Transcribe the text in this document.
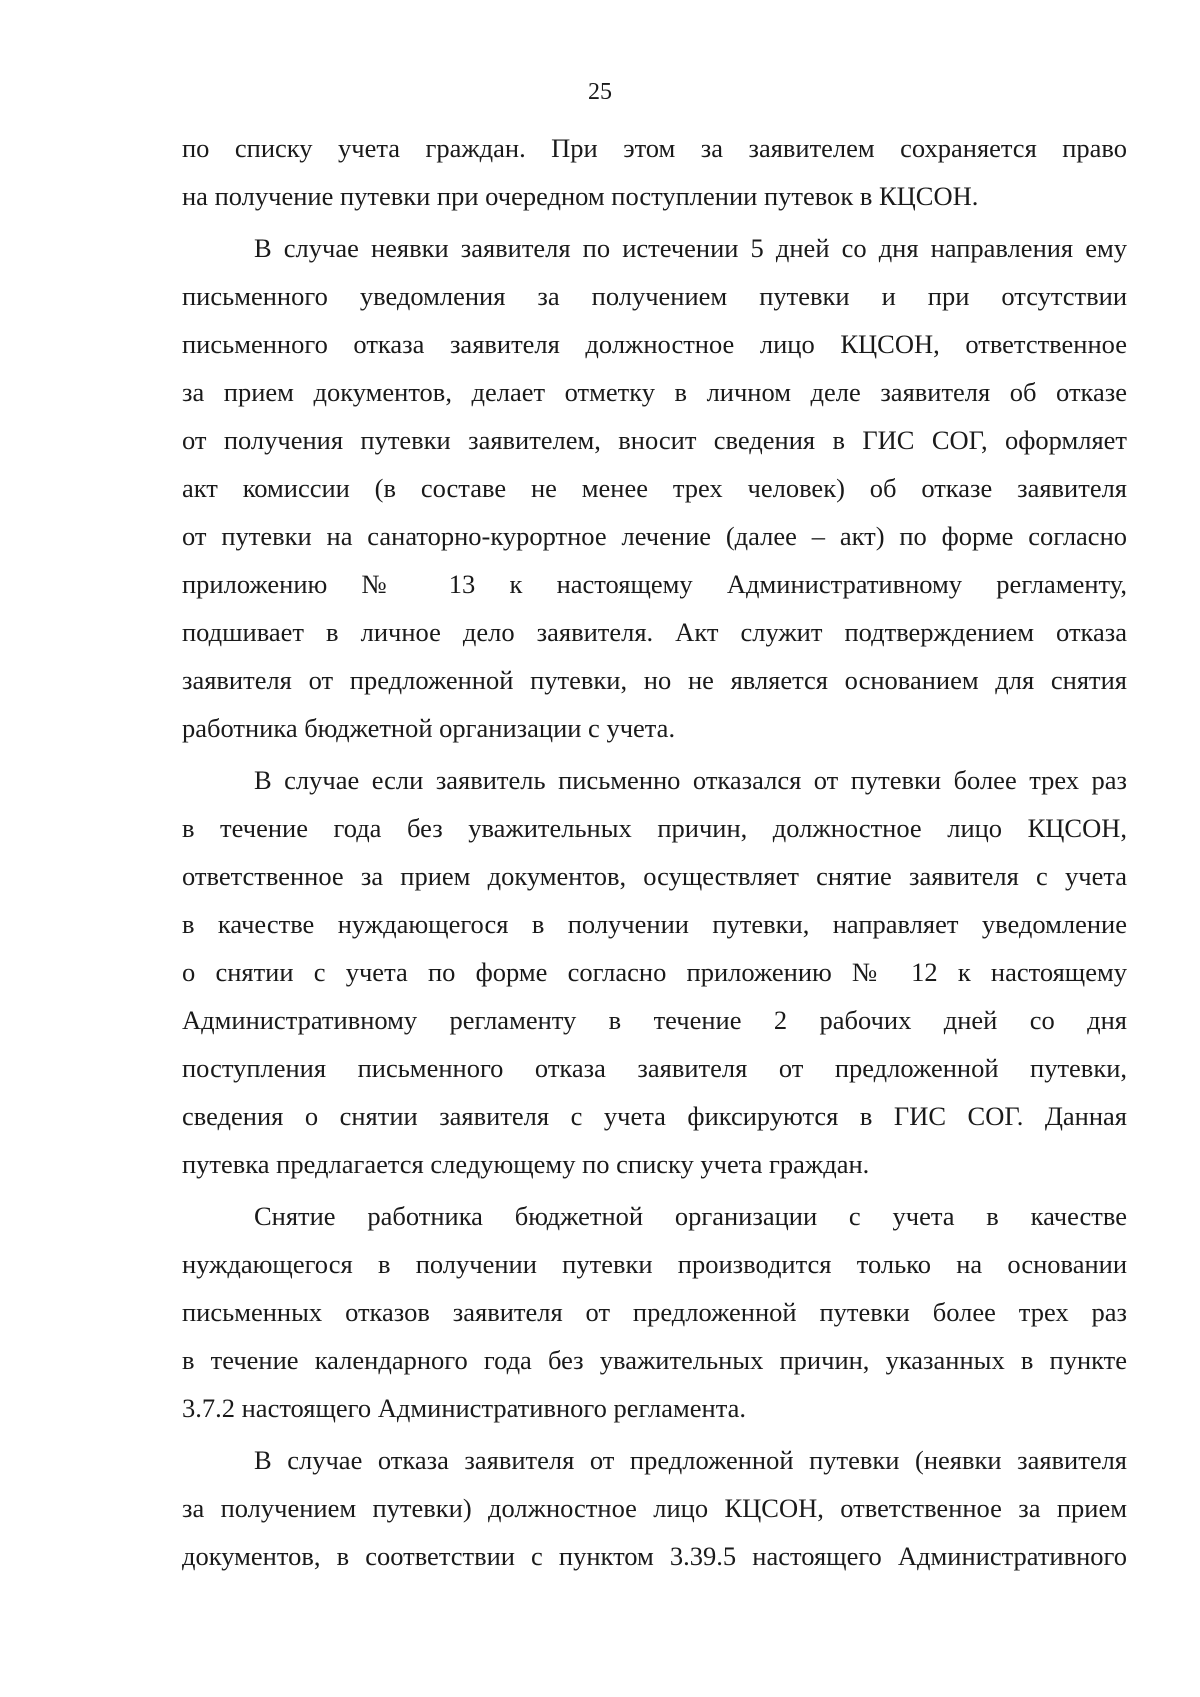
25
по списку учета граждан. При этом за заявителем сохраняется право
на получение путевки при очередном поступлении путевок в КЦСОН.
В случае неявки заявителя по истечении 5 дней со дня направления ему
письменного уведомления за получением путевки и при отсутствии
письменного отказа заявителя должностное лицо КЦСОН, ответственное
за прием документов, делает отметку в личном деле заявителя об отказе
от получения путевки заявителем, вносит сведения в ГИС СОГ, оформляет
акт комиссии (в составе не менее трех человек) об отказе заявителя
от путевки на санаторно-курортное лечение (далее – акт) по форме согласно
приложению № 13 к настоящему Административному регламенту,
подшивает в личное дело заявителя. Акт служит подтверждением отказа
заявителя от предложенной путевки, но не является основанием для снятия
работника бюджетной организации с учета.
В случае если заявитель письменно отказался от путевки более трех раз
в течение года без уважительных причин, должностное лицо КЦСОН,
ответственное за прием документов, осуществляет снятие заявителя с учета
в качестве нуждающегося в получении путевки, направляет уведомление
о снятии с учета по форме согласно приложению № 12 к настоящему
Административному регламенту в течение 2 рабочих дней со дня
поступления письменного отказа заявителя от предложенной путевки,
сведения о снятии заявителя с учета фиксируются в ГИС СОГ. Данная
путевка предлагается следующему по списку учета граждан.
Снятие работника бюджетной организации с учета в качестве
нуждающегося в получении путевки производится только на основании
письменных отказов заявителя от предложенной путевки более трех раз
в течение календарного года без уважительных причин, указанных в пункте
3.7.2 настоящего Административного регламента.
В случае отказа заявителя от предложенной путевки (неявки заявителя
за получением путевки) должностное лицо КЦСОН, ответственное за прием
документов, в соответствии с пунктом 3.39.5 настоящего Административного
